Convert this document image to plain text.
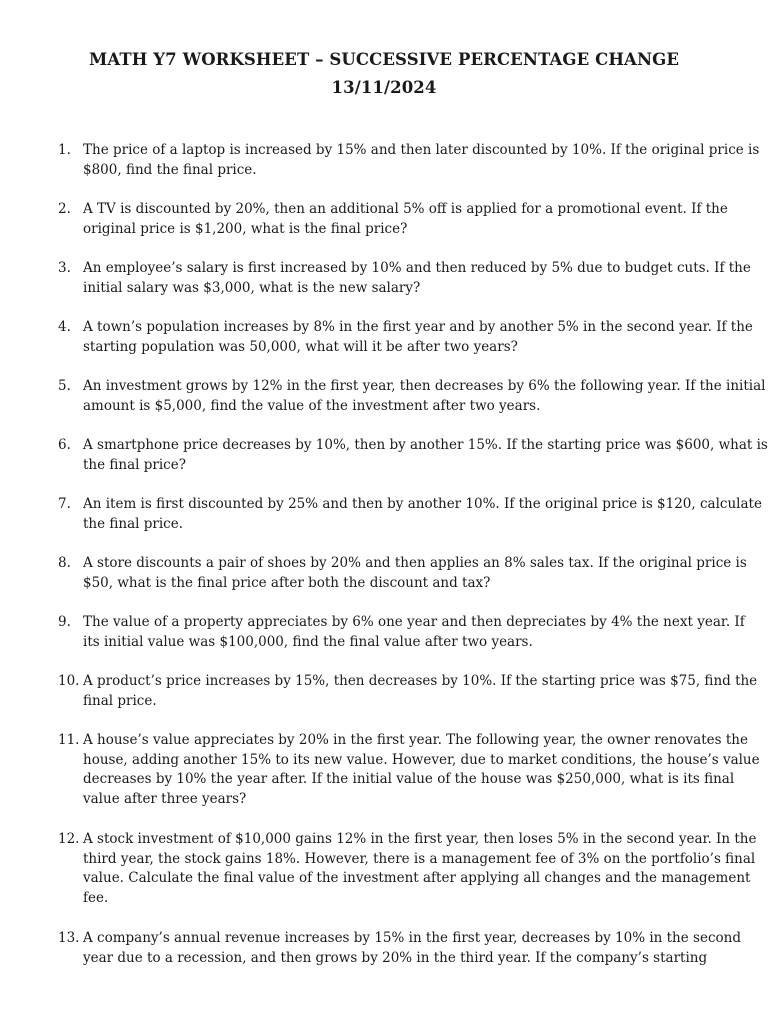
MATH Y7 WORKSHEET – SUCCESSIVE PERCENTAGE CHANGE
13/11/2024
1. The price of a laptop is increased by 15% and then later discounted by 10%. If the original price is
$800, find the final price.
2. A TV is discounted by 20%, then an additional 5% off is applied for a promotional event. If the
original price is $1,200, what is the final price?
3. An employee’s salary is first increased by 10% and then reduced by 5% due to budget cuts. If the
initial salary was $3,000, what is the new salary?
4. A town’s population increases by 8% in the first year and by another 5% in the second year. If the
starting population was 50,000, what will it be after two years?
5. An investment grows by 12% in the first year, then decreases by 6% the following year. If the initial
amount is $5,000, find the value of the investment after two years.
6. A smartphone price decreases by 10%, then by another 15%. If the starting price was $600, what is
the final price?
7. An item is first discounted by 25% and then by another 10%. If the original price is $120, calculate
the final price.
8. A store discounts a pair of shoes by 20% and then applies an 8% sales tax. If the original price is
$50, what is the final price after both the discount and tax?
9. The value of a property appreciates by 6% one year and then depreciates by 4% the next year. If
its initial value was $100,000, find the final value after two years.
10. A product’s price increases by 15%, then decreases by 10%. If the starting price was $75, find the
final price.
11. A house’s value appreciates by 20% in the first year. The following year, the owner renovates the
house, adding another 15% to its new value. However, due to market conditions, the house’s value
decreases by 10% the year after. If the initial value of the house was $250,000, what is its final
value after three years?
12. A stock investment of $10,000 gains 12% in the first year, then loses 5% in the second year. In the
third year, the stock gains 18%. However, there is a management fee of 3% on the portfolio’s final
value. Calculate the final value of the investment after applying all changes and the management
fee.
13. A company’s annual revenue increases by 15% in the first year, decreases by 10% in the second
year due to a recession, and then grows by 20% in the third year. If the company’s starting
